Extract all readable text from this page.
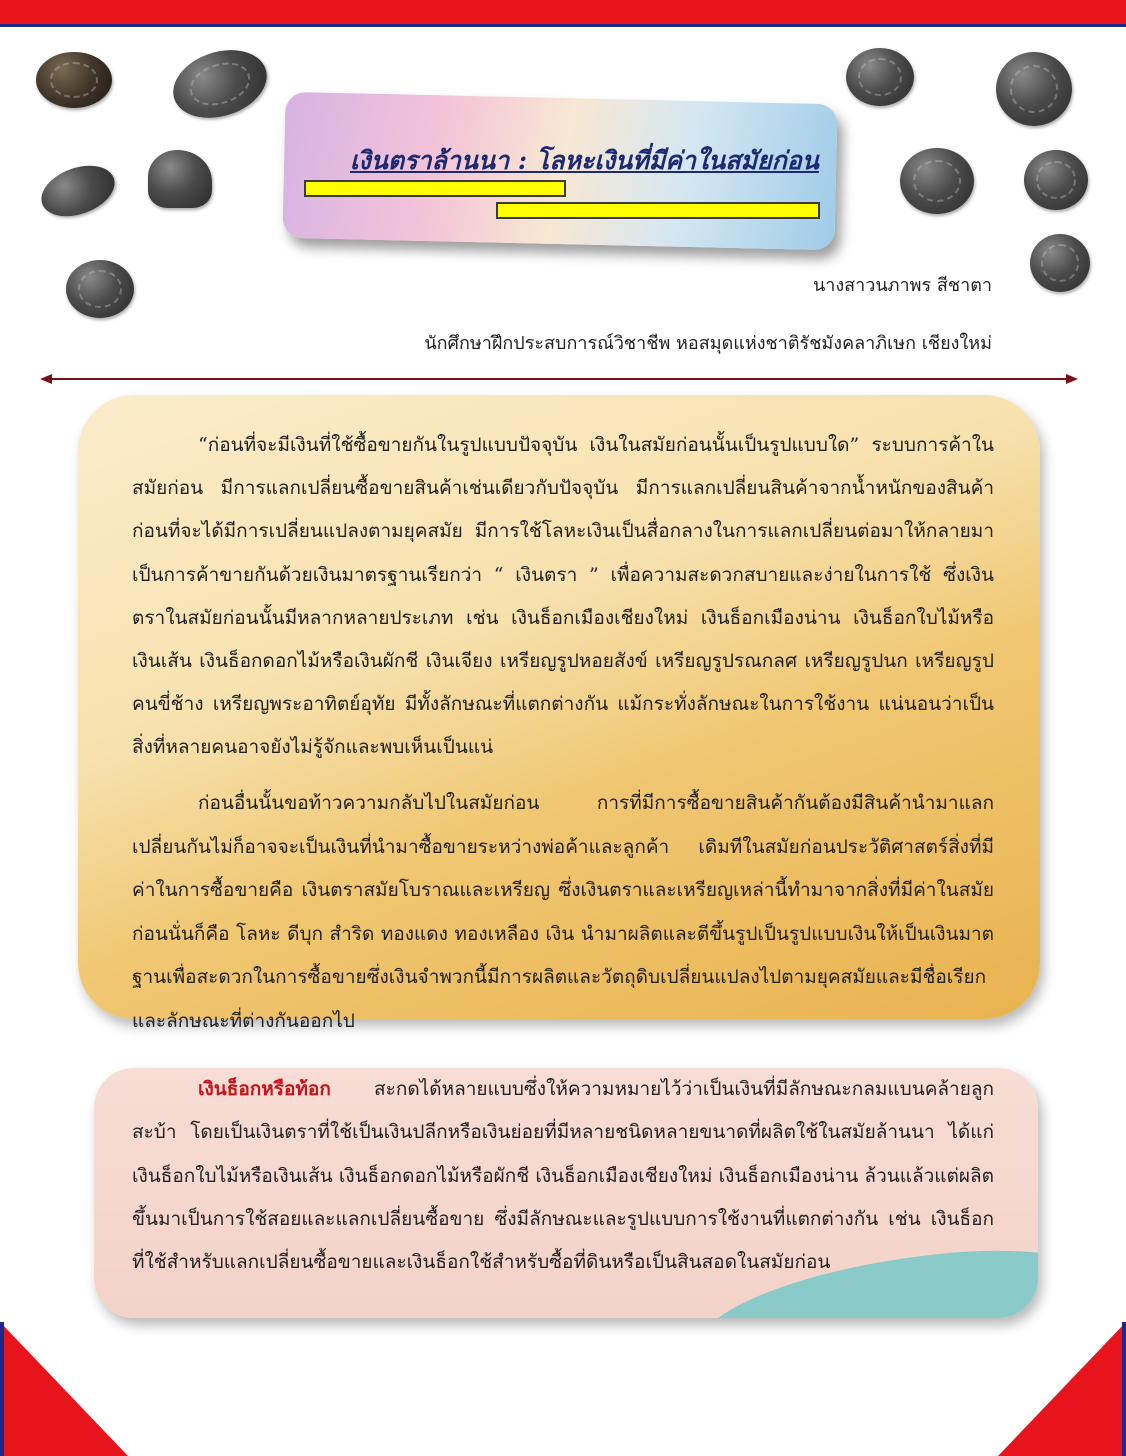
เงินตราล้านนา : โลหะเงินที่มีค่าในสมัยก่อน
นางสาวนภาพร สีชาตา
นักศึกษาฝึกประสบการณ์วิชาชีพ หอสมุดแห่งชาติรัชมังคลาภิเษก เชียงใหม่

“ก่อนที่จะมีเงินที่ใช้ซื้อขายกันในรูปแบบปัจจุบัน เงินในสมัยก่อนนั้นเป็นรูปแบบใด” ระบบการค้าในสมัยก่อน มีการแลกเปลี่ยนซื้อขายสินค้าเช่นเดียวกับปัจจุบัน มีการแลกเปลี่ยนสินค้าจากน้ำหนักของสินค้าก่อนที่จะได้มีการเปลี่ยนแปลงตามยุคสมัย มีการใช้โลหะเงินเป็นสื่อกลางในการแลกเปลี่ยนต่อมาให้กลายมาเป็นการค้าขายกันด้วยเงินมาตรฐานเรียกว่า “ เงินตรา ” เพื่อความสะดวกสบายและง่ายในการใช้ ซึ่งเงินตราในสมัยก่อนนั้นมีหลากหลายประเภท เช่น เงินธ็อกเมืองเชียงใหม่ เงินธ็อกเมืองน่าน เงินธ็อกใบไม้หรือเงินเส้น เงินธ็อกดอกไม้หรือเงินผักชี เงินเจียง เหรียญรูปหอยสังข์ เหรียญรูปรณกลศ เหรียญรูปนก เหรียญรูปคนขี่ช้าง เหรียญพระอาทิตย์อุทัย มีทั้งลักษณะที่แตกต่างกัน แม้กระทั่งลักษณะในการใช้งาน แน่นอนว่าเป็นสิ่งที่หลายคนอาจยังไม่รู้จักและพบเห็นเป็นแน่

ก่อนอื่นนั้นขอท้าวความกลับไปในสมัยก่อน การที่มีการซื้อขายสินค้ากันต้องมีสินค้านำมาแลกเปลี่ยนกันไม่ก็อาจจะเป็นเงินที่นำมาซื้อขายระหว่างพ่อค้าและลูกค้า เดิมทีในสมัยก่อนประวัติศาสตร์สิ่งที่มีค่าในการซื้อขายคือ เงินตราสมัยโบราณและเหรียญ ซึ่งเงินตราและเหรียญเหล่านี้ทำมาจากสิ่งที่มีค่าในสมัยก่อนนั่นก็คือ โลหะ ดีบุก สำริด ทองแดง ทองเหลือง เงิน นำมาผลิตและตีขึ้นรูปเป็นรูปแบบเงินให้เป็นเงินมาตฐานเพื่อสะดวกในการซื้อขายซึ่งเงินจำพวกนี้มีการผลิตและวัตถุดิบเปลี่ยนแปลงไปตามยุคสมัยและมีชื่อเรียกและลักษณะที่ต่างกันออกไป

เงินธ็อกหรือท้อก สะกดได้หลายแบบซึ่งให้ความหมายไว้ว่าเป็นเงินที่มีลักษณะกลมแบนคล้ายลูกสะบ้า โดยเป็นเงินตราที่ใช้เป็นเงินปลีกหรือเงินย่อยที่มีหลายชนิดหลายขนาดที่ผลิตใช้ในสมัยล้านนา ได้แก่ เงินธ็อกใบไม้หรือเงินเส้น เงินธ็อกดอกไม้หรือผักชี เงินธ็อกเมืองเชียงใหม่ เงินธ็อกเมืองน่าน ล้วนแล้วแต่ผลิตขึ้นมาเป็นการใช้สอยและแลกเปลี่ยนซื้อขาย ซึ่งมีลักษณะและรูปแบบการใช้งานที่แตกต่างกัน เช่น เงินธ็อกที่ใช้สำหรับแลกเปลี่ยนซื้อขายและเงินธ็อกใช้สำหรับซื้อที่ดินหรือเป็นสินสอดในสมัยก่อน
